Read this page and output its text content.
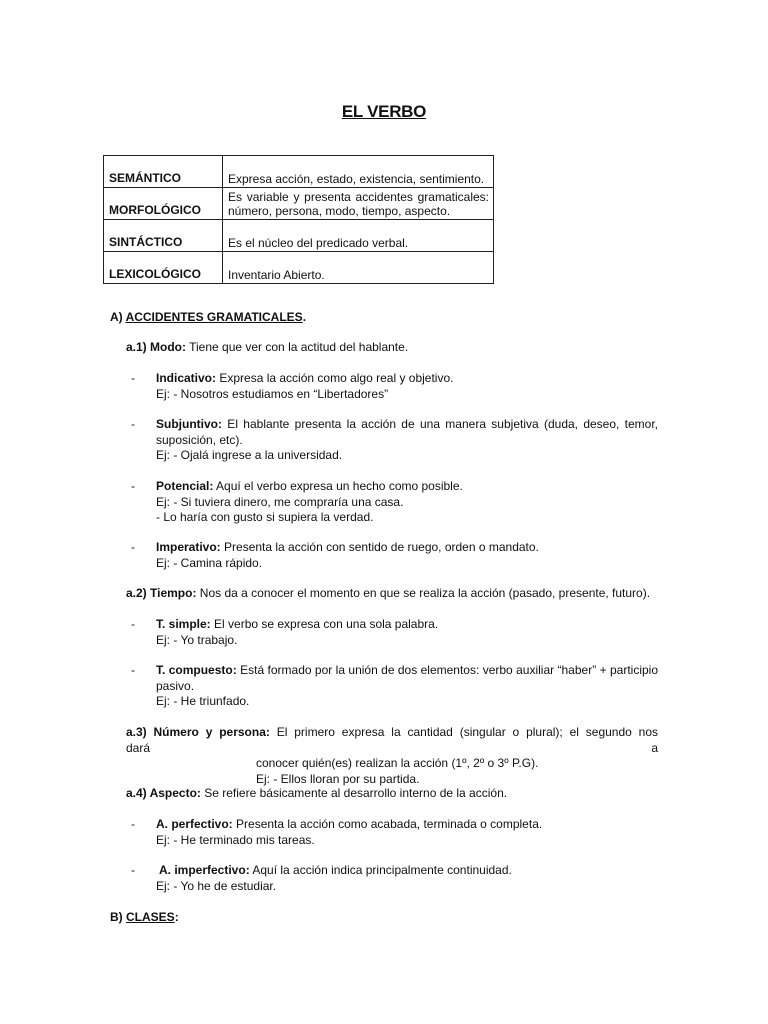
EL VERBO
SEMÁNTICO	Expresa acción, estado, existencia, sentimiento.
MORFOLÓGICO	Es variable y presenta accidentes gramaticales: número, persona, modo, tiempo, aspecto.
SINTÁCTICO	Es el núcleo del predicado verbal.
LEXICOLÓGICO	Inventario Abierto.
A) ACCIDENTES GRAMATICALES.
a.1) Modo: Tiene que ver con la actitud del hablante.
- Indicativo: Expresa la acción como algo real y objetivo.
Ej: - Nosotros estudiamos en “Libertadores”
- Subjuntivo: El hablante presenta la acción de una manera subjetiva (duda, deseo, temor, suposición, etc).
Ej: - Ojalá ingrese a la universidad.
- Potencial: Aquí el verbo expresa un hecho como posible.
Ej: - Si tuviera dinero, me compraría una casa.
- Lo haría con gusto si supiera la verdad.
- Imperativo: Presenta la acción con sentido de ruego, orden o mandato.
Ej: - Camina rápido.
a.2) Tiempo: Nos da a conocer el momento en que se realiza la acción (pasado, presente, futuro).
- T. simple: El verbo se expresa con una sola palabra.
Ej: - Yo trabajo.
- T. compuesto: Está formado por la unión de dos elementos: verbo auxiliar “haber” + participio pasivo.
Ej: - He triunfado.
a.3)  Número  y  persona:  El  primero  expresa  la  cantidad  (singular  o  plural);  el  segundo  nos  dará  a
conocer quién(es) realizan la acción (1º, 2º o 3º P.G).
Ej: - Ellos lloran por su partida.
a.4) Aspecto: Se refiere básicamente al desarrollo interno de la acción.
- A. perfectivo: Presenta la acción como acabada, terminada o completa.
Ej: - He terminado mis tareas.
- A. imperfectivo: Aquí la acción indica principalmente continuidad.
Ej: - Yo he de estudiar.
B) CLASES:
